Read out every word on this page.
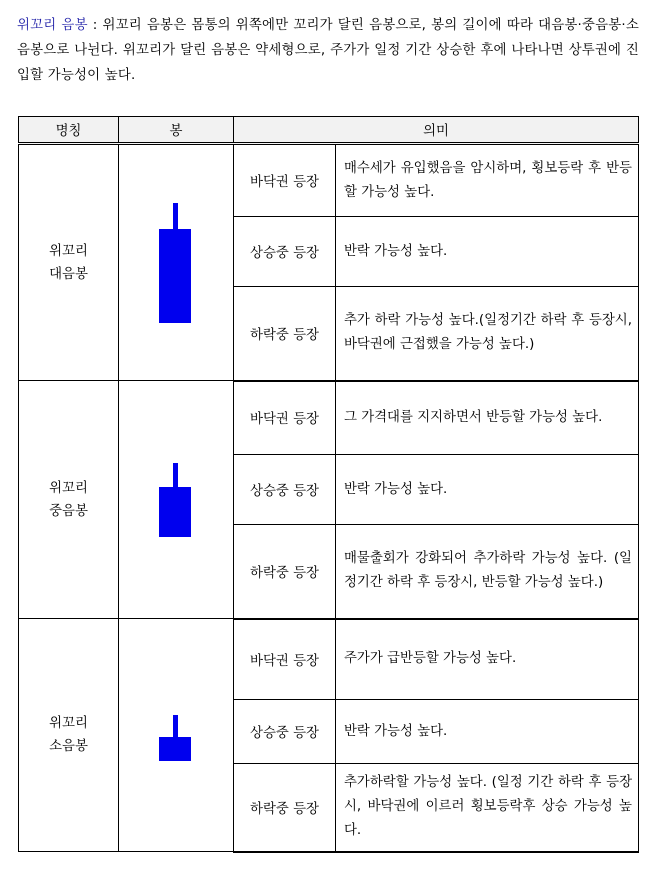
위꼬리 음봉 : 위꼬리 음봉은 몸통의 위쪽에만 꼬리가 달린 음봉으로, 봉의 길이에 따라 대음봉·중음봉·소음봉으로 나뉜다. 위꼬리가 달린 음봉은 약세형으로, 주가가 일정 기간 상승한 후에 나타나면 상투권에 진입할 가능성이 높다.
명칭	봉	의미	
위꼬리
대음봉		바닥권 등장	매수세가 유입했음을 암시하며, 횡보등락 후 반등할 가능성 높다.
		상승중 등장	반락 가능성 높다.
		하락중 등장	추가 하락 가능성 높다.(일정기간 하락 후 등장시, 바닥권에 근접했을 가능성 높다.)
위꼬리
중음봉		바닥권 등장	그 가격대를 지지하면서 반등할 가능성 높다.
		상승중 등장	반락 가능성 높다.
		하락중 등장	매물출회가 강화되어 추가하락 가능성 높다. (일정기간 하락 후 등장시, 반등할 가능성 높다.)
위꼬리
소음봉		바닥권 등장	주가가 급반등할 가능성 높다.
		상승중 등장	반락 가능성 높다.
		하락중 등장	추가하락할 가능성 높다. (일정 기간 하락 후 등장시, 바닥권에 이르러 횡보등락후 상승 가능성 높다.
